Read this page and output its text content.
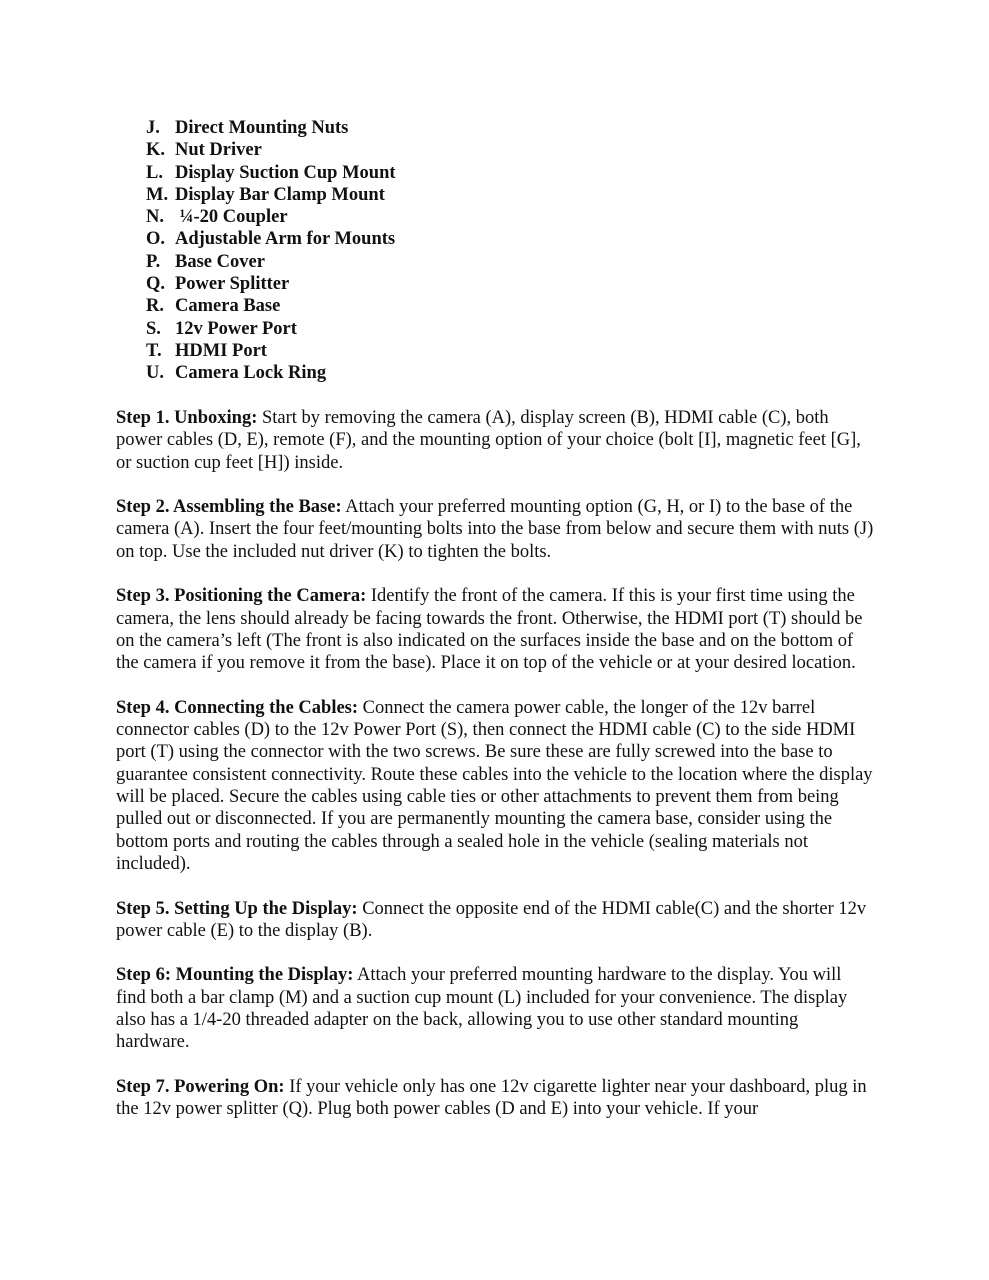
J. Direct Mounting Nuts
K. Nut Driver
L. Display Suction Cup Mount
M. Display Bar Clamp Mount
N. ¼-20 Coupler
O. Adjustable Arm for Mounts
P. Base Cover
Q. Power Splitter
R. Camera Base
S. 12v Power Port
T. HDMI Port
U. Camera Lock Ring

Step 1. Unboxing: Start by removing the camera (A), display screen (B), HDMI cable (C), both power cables (D, E), remote (F), and the mounting option of your choice (bolt [I], magnetic feet [G], or suction cup feet [H]) inside.

Step 2. Assembling the Base: Attach your preferred mounting option (G, H, or I) to the base of the camera (A). Insert the four feet/mounting bolts into the base from below and secure them with nuts (J) on top. Use the included nut driver (K) to tighten the bolts.

Step 3. Positioning the Camera: Identify the front of the camera. If this is your first time using the camera, the lens should already be facing towards the front. Otherwise, the HDMI port (T) should be on the camera’s left (The front is also indicated on the surfaces inside the base and on the bottom of the camera if you remove it from the base). Place it on top of the vehicle or at your desired location.

Step 4. Connecting the Cables: Connect the camera power cable, the longer of the 12v barrel connector cables (D) to the 12v Power Port (S), then connect the HDMI cable (C) to the side HDMI port (T) using the connector with the two screws. Be sure these are fully screwed into the base to guarantee consistent connectivity. Route these cables into the vehicle to the location where the display will be placed. Secure the cables using cable ties or other attachments to prevent them from being pulled out or disconnected. If you are permanently mounting the camera base, consider using the bottom ports and routing the cables through a sealed hole in the vehicle (sealing materials not included).

Step 5. Setting Up the Display: Connect the opposite end of the HDMI cable(C) and the shorter 12v power cable (E) to the display (B).

Step 6: Mounting the Display: Attach your preferred mounting hardware to the display. You will find both a bar clamp (M) and a suction cup mount (L) included for your convenience. The display also has a 1/4-20 threaded adapter on the back, allowing you to use other standard mounting hardware.

Step 7. Powering On: If your vehicle only has one 12v cigarette lighter near your dashboard, plug in the 12v power splitter (Q). Plug both power cables (D and E) into your vehicle. If your
